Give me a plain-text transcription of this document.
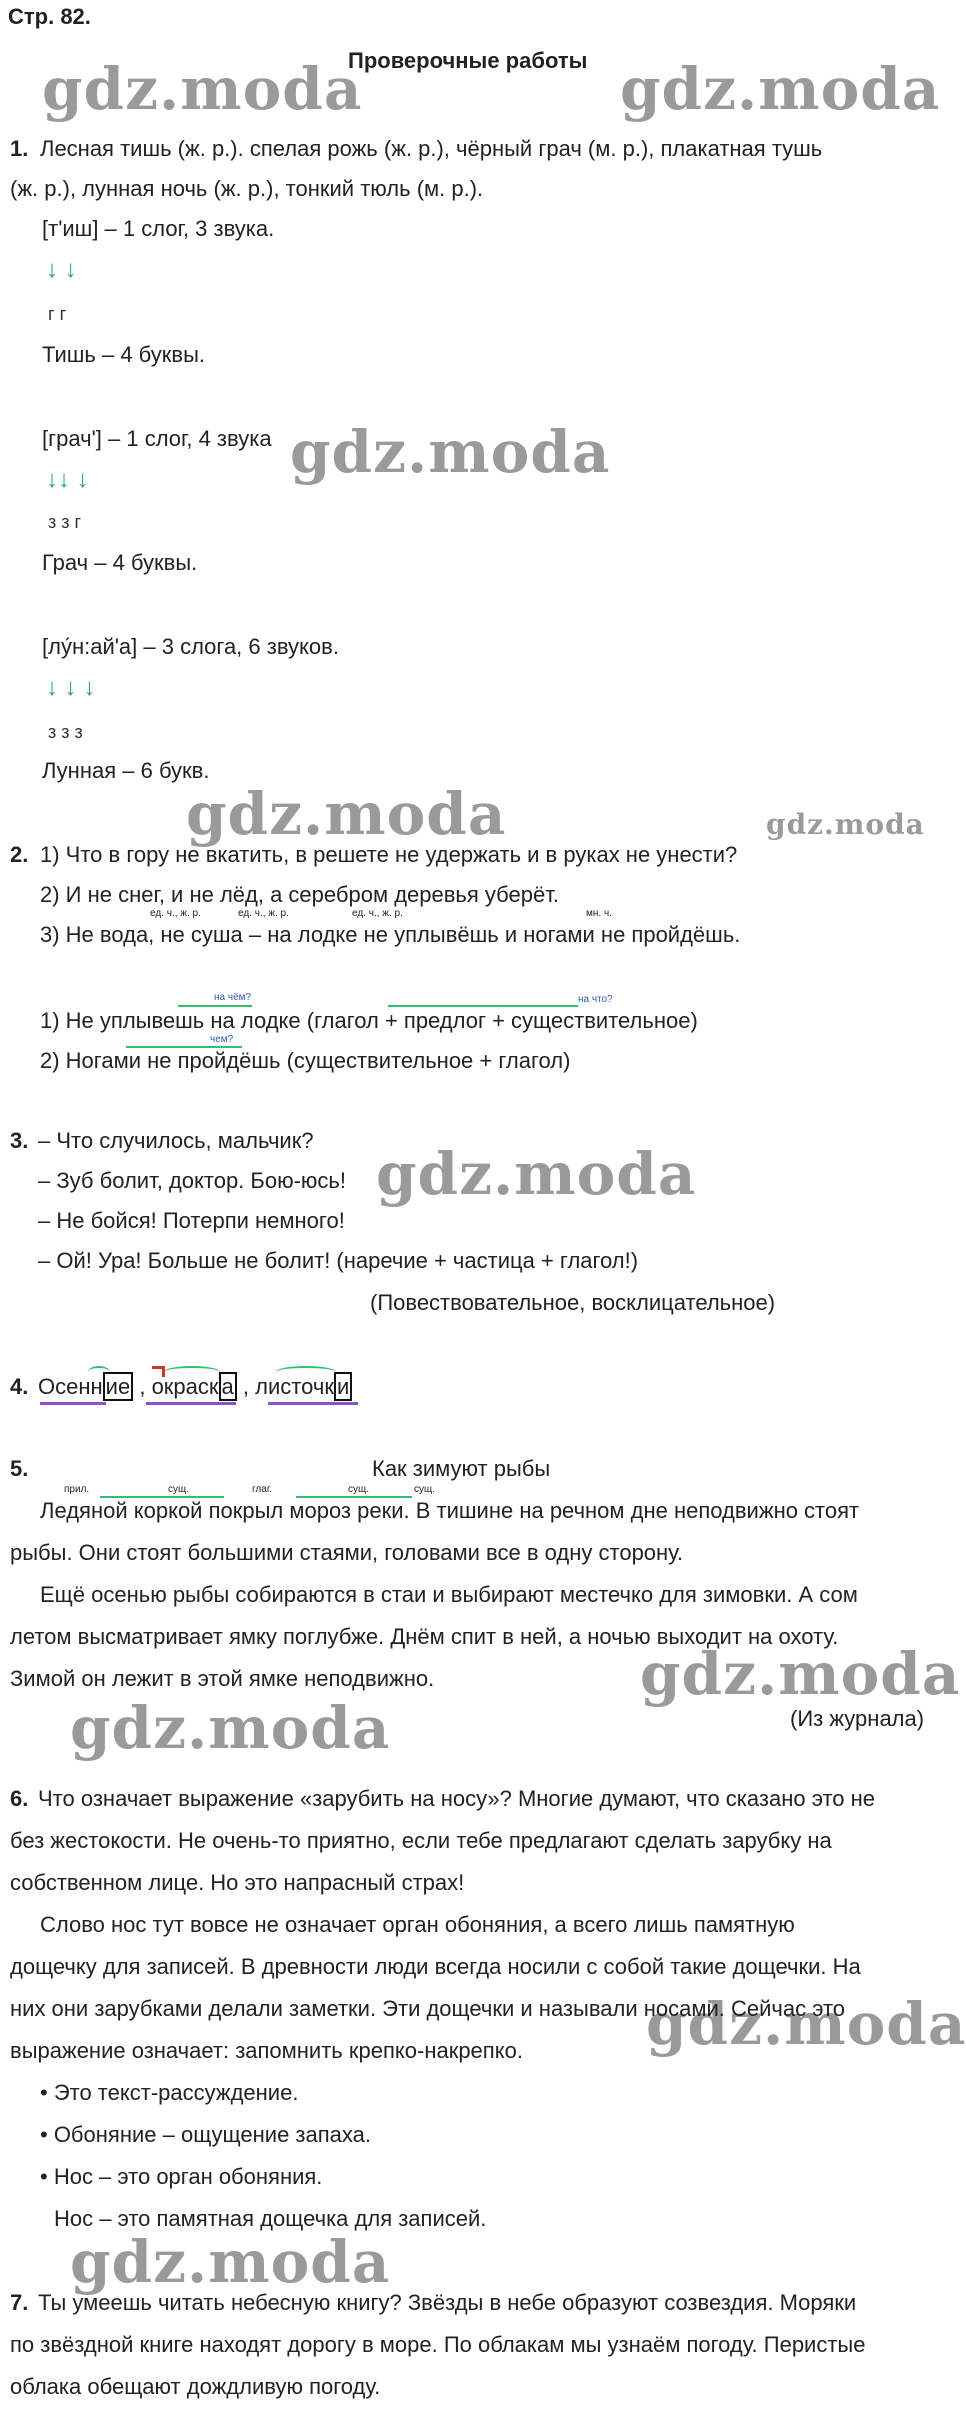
Стр. 82.
Проверочные работы
gdz.moda	gdz.moda
gdz.moda
gdz.moda	gdz.moda
gdz.moda
gdz.moda
gdz.moda
gdz.moda
gdz.moda
1. Лесная тишь (ж. р.). спелая рожь (ж. р.), чёрный грач (м. р.), плакатная тушь
(ж. р.), лунная ночь (ж. р.), тонкий тюль (м. р.).
[т'иш] – 1 слог, 3 звука.
↓ ↓
г г
Тишь – 4 буквы.
[грач'] – 1 слог, 4 звука
↓↓ ↓
з з г
Грач – 4 буквы.
[лу́н:ай'а] – 3 слога, 6 звуков.
↓ ↓ ↓
з з з
Лунная – 6 букв.
2. 1) Что в гору не вкатить, в решете не удержать и в руках не унести?
2) И не снег, и не лёд, а серебром деревья уберёт.
ед. ч., ж. р.	ед. ч., ж. р.	ед. ч., ж. р.	мн. ч.
3) Не вода, не суша – на лодке не уплывёшь и ногами не пройдёшь.
на чём?	на что?
1) Не уплывешь на лодке (глагол + предлог + существительное)
чем?
2) Ногами не пройдёшь (существительное + глагол)
3. – Что случилось, мальчик?
– Зуб болит, доктор. Бою-юсь!
– Не бойся! Потерпи немного!
– Ой! Ура! Больше не болит! (наречие + частица + глагол!)
(Повествовательное, восклицательное)
4. Осенн ие , окраск а , листочк и
5.	Как зимуют рыбы
прил.	сущ.	глаг.	сущ.	сущ.
Ледяной коркой покрыл мороз реки. В тишине на речном дне неподвижно стоят
рыбы. Они стоят большими стаями, головами все в одну сторону.
Ещё осенью рыбы собираются в стаи и выбирают местечко для зимовки. А сом
летом высматривает ямку поглубже. Днём спит в ней, а ночью выходит на охоту.
Зимой он лежит в этой ямке неподвижно.
(Из журнала)
6. Что означает выражение «зарубить на носу»? Многие думают, что сказано это не
без жестокости. Не очень-то приятно, если тебе предлагают сделать зарубку на
собственном лице. Но это напрасный страх!
Слово нос тут вовсе не означает орган обоняния, а всего лишь памятную
дощечку для записей. В древности люди всегда носили с собой такие дощечки. На
них они зарубками делали заметки. Эти дощечки и называли носами. Сейчас это
выражение означает: запомнить крепко-накрепко.
• Это текст-рассуждение.
• Обоняние – ощущение запаха.
• Нос – это орган обоняния.
Нос – это памятная дощечка для записей.
7. Ты умеешь читать небесную книгу? Звёзды в небе образуют созвездия. Моряки
по звёздной книге находят дорогу в море. По облакам мы узнаём погоду. Перистые
облака обещают дождливую погоду.
